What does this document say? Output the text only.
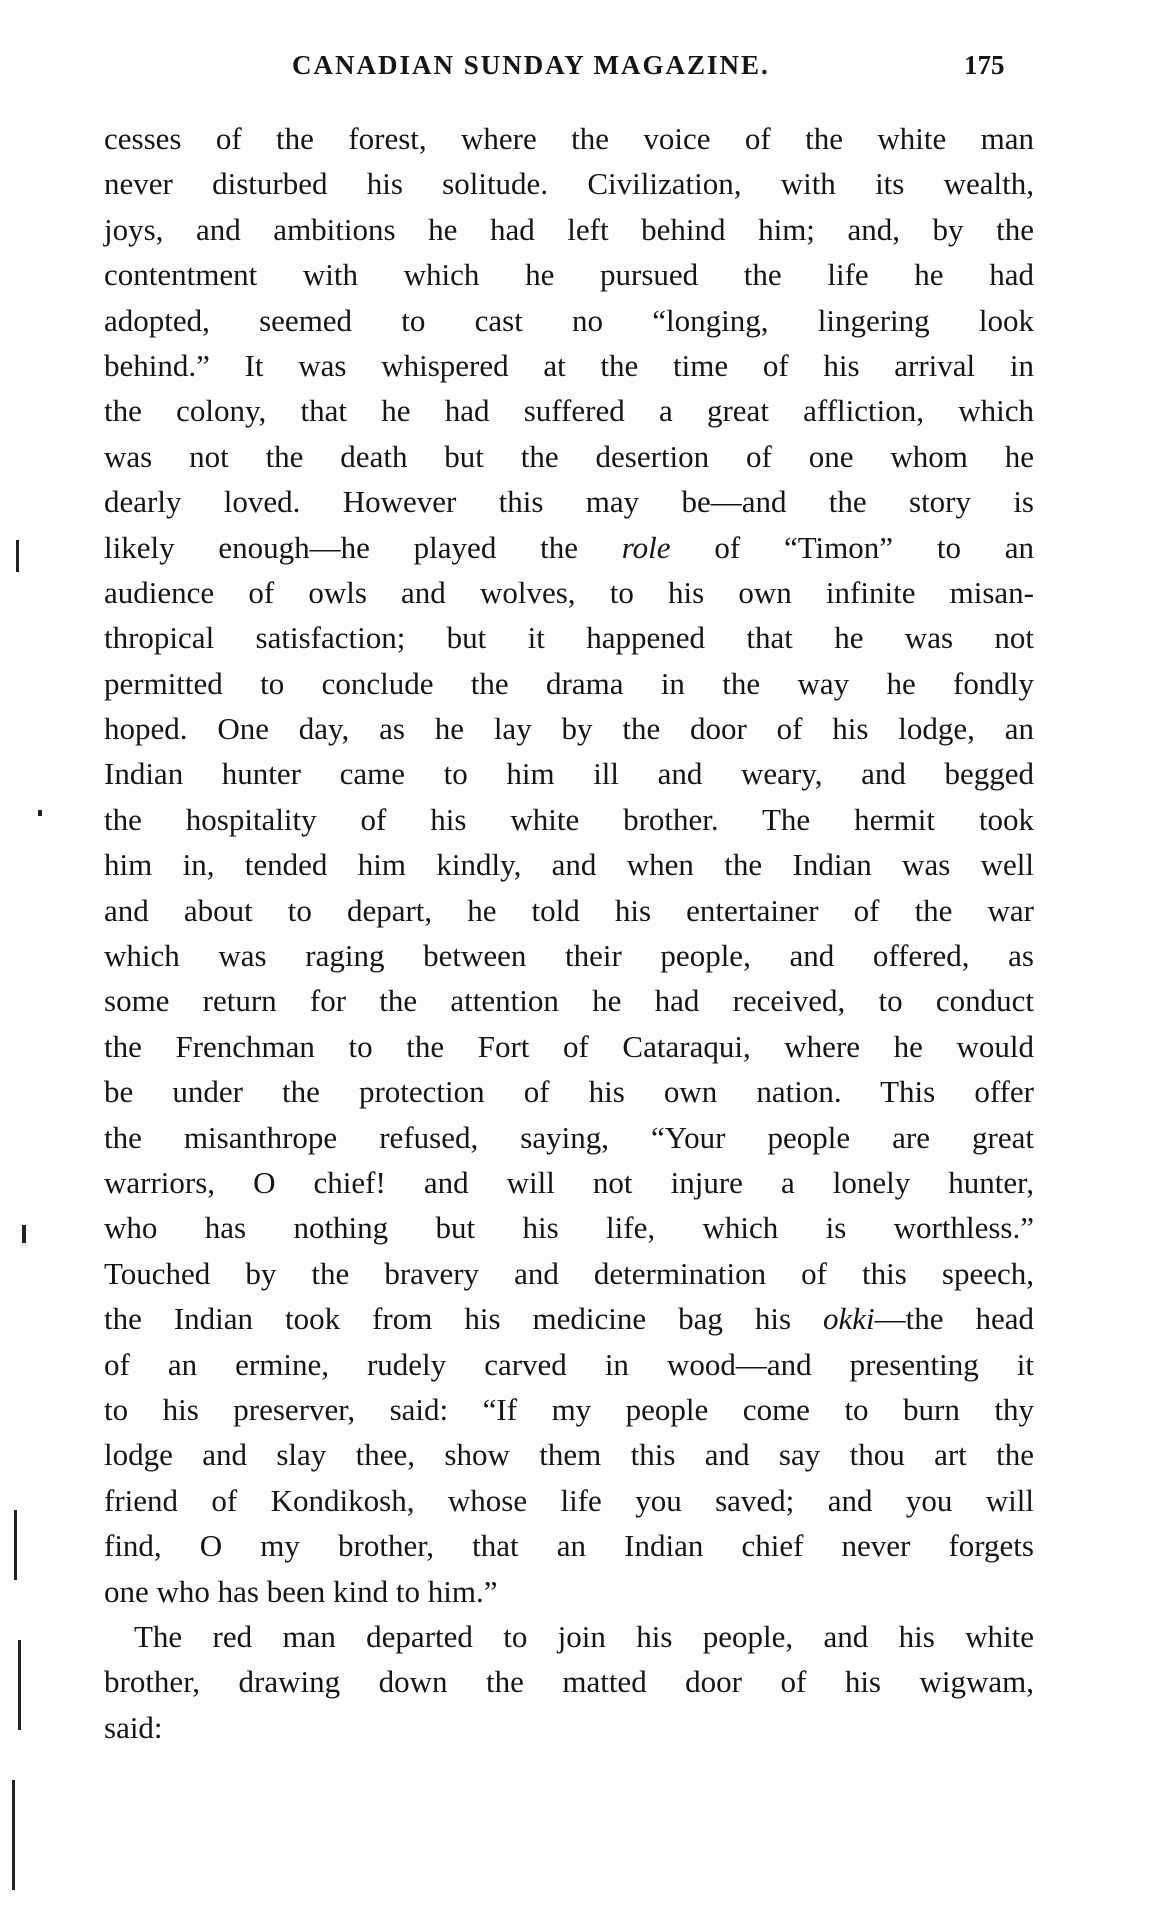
CANADIAN SUNDAY MAGAZINE.	175
cesses of the forest, where the voice of the white man
never disturbed his solitude. Civilization, with its wealth,
joys, and ambitions he had left behind him; and, by the
contentment with which he pursued the life he had
adopted, seemed to cast no “longing, lingering look
behind.” It was whispered at the time of his arrival in
the colony, that he had suffered a great affliction, which
was not the death but the desertion of one whom he
dearly loved. However this may be—and the story is
likely enough—he played the role of “Timon” to an
audience of owls and wolves, to his own infinite misan-
thropical satisfaction; but it happened that he was not
permitted to conclude the drama in the way he fondly
hoped. One day, as he lay by the door of his lodge, an
Indian hunter came to him ill and weary, and begged
the hospitality of his white brother. The hermit took
him in, tended him kindly, and when the Indian was well
and about to depart, he told his entertainer of the war
which was raging between their people, and offered, as
some return for the attention he had received, to conduct
the Frenchman to the Fort of Cataraqui, where he would
be under the protection of his own nation. This offer
the misanthrope refused, saying, “Your people are great
warriors, O chief! and will not injure a lonely hunter,
who has nothing but his life, which is worthless.”
Touched by the bravery and determination of this speech,
the Indian took from his medicine bag his okki—the head
of an ermine, rudely carved in wood—and presenting it
to his preserver, said: “If my people come to burn thy
lodge and slay thee, show them this and say thou art the
friend of Kondikosh, whose life you saved; and you will
find, O my brother, that an Indian chief never forgets
one who has been kind to him.”
The red man departed to join his people, and his white
brother, drawing down the matted door of his wigwam,
said:
